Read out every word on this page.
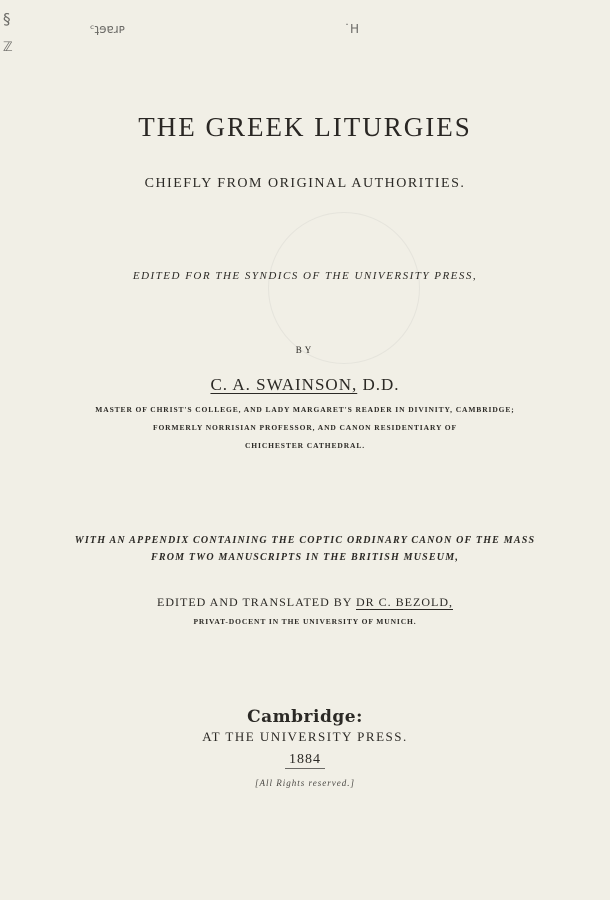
§
ℤ
ᶜʇɘɐɹᴘ	˙H
THE GREEK LITURGIES

CHIEFLY FROM ORIGINAL AUTHORITIES.

EDITED FOR THE SYNDICS OF THE UNIVERSITY PRESS,

BY

C. A. SWAINSON, D.D.

MASTER OF CHRIST'S COLLEGE, AND LADY MARGARET'S READER IN DIVINITY, CAMBRIDGE;

FORMERLY NORRISIAN PROFESSOR, AND CANON RESIDENTIARY OF

CHICHESTER CATHEDRAL.

WITH AN APPENDIX CONTAINING THE COPTIC ORDINARY CANON OF THE MASS

FROM TWO MANUSCRIPTS IN THE BRITISH MUSEUM,

EDITED AND TRANSLATED BY DR C. BEZOLD,

PRIVAT-DOCENT IN THE UNIVERSITY OF MUNICH.

Cambridge:

AT THE UNIVERSITY PRESS.

1884

[All Rights reserved.]
